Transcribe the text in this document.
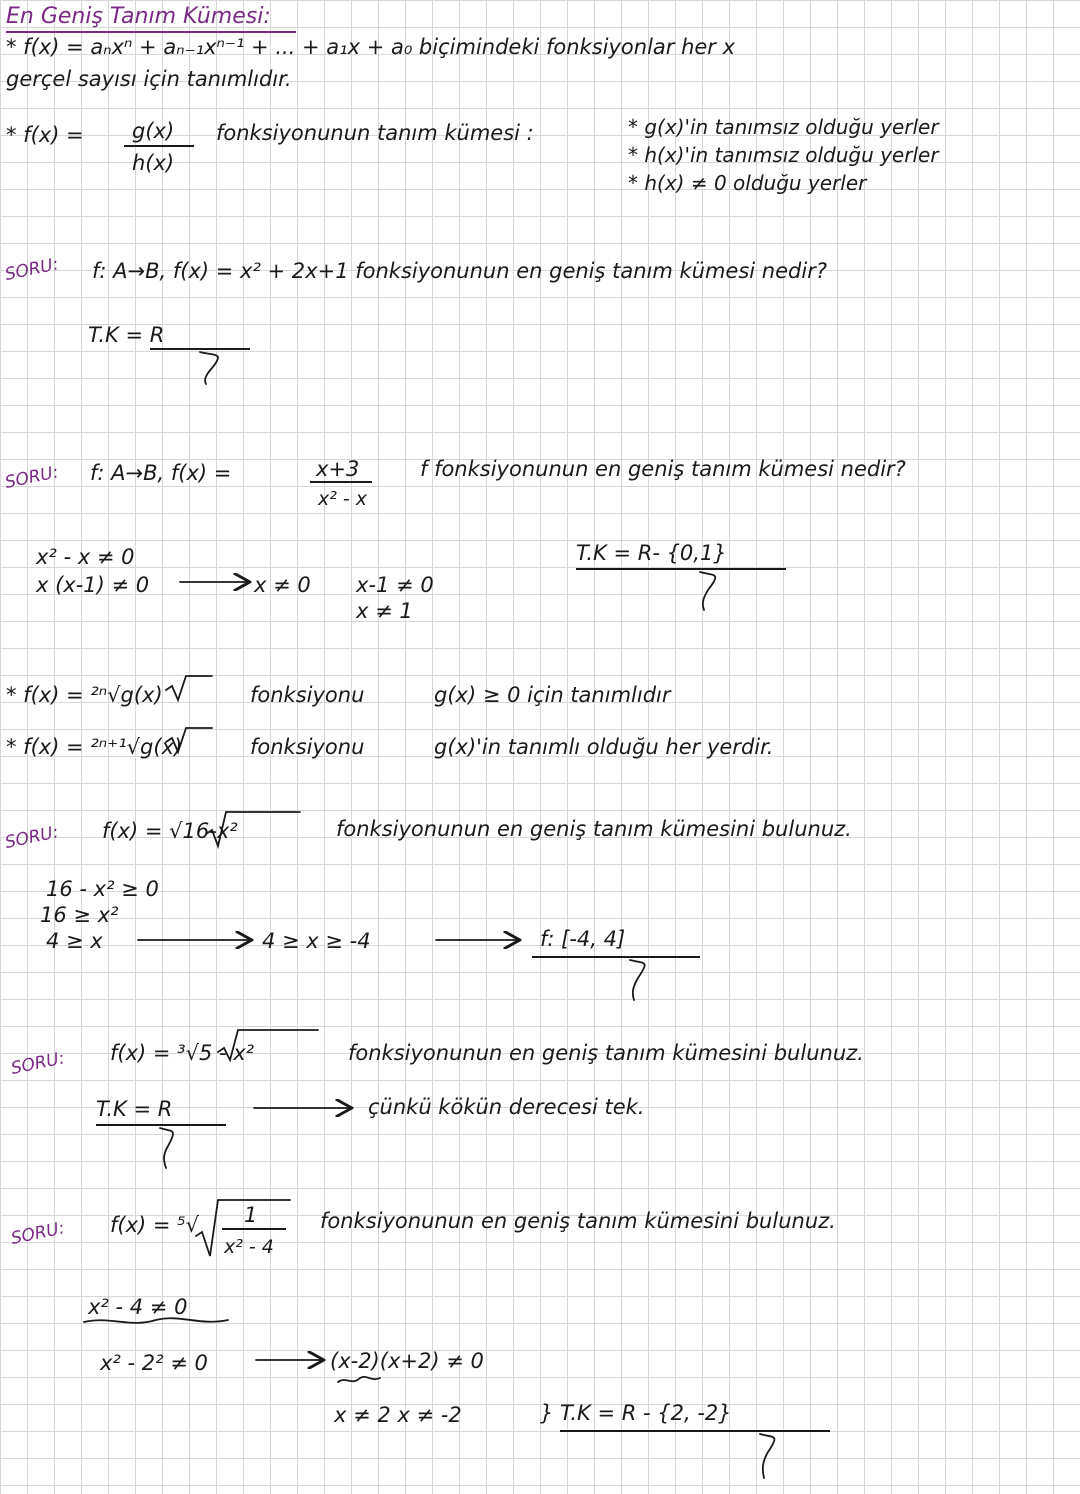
En Geniş Tanım Kümesi:
* f(x) = aₙxⁿ + aₙ₋₁xⁿ⁻¹ + ... + a₁x + a₀ biçimindeki fonksiyonlar her x
gerçel sayısı için tanımlıdır.
* f(x) = g(x)
h(x)
fonksiyonunun tanım kümesi :	* g(x)'in tanımsız olduğu yerler
* h(x)'in tanımsız olduğu yerler
* h(x) ≠ 0 olduğu yerler
SORU: f: A→B, f(x) = x² + 2x+1 fonksiyonunun en geniş tanım kümesi nedir?
T.K = R
SORU: f: A→B, f(x) =	x+3
x² - x
f fonksiyonunun en geniş tanım kümesi nedir?
x² - x ≠ 0
x (x-1) ≠ 0	x ≠ 0 x-1 ≠ 0
x ≠ 1
T.K = R- {0,1}
* f(x) = ²ⁿ√g(x)	fonksiyonu	g(x) ≥ 0 için tanımlıdır
* f(x) = ²ⁿ⁺¹√g(x)	fonksiyonu	g(x)'in tanımlı olduğu her yerdir.
SORU: f(x) = √16-x²	fonksiyonunun en geniş tanım kümesini bulunuz.
16 - x² ≥ 0
16 ≥ x²
4 ≥ x	4 ≥ x ≥ -4	f: [-4, 4]
SORU: f(x) = ³√5 - x²	fonksiyonunun en geniş tanım kümesini bulunuz.
T.K = R	çünkü kökün derecesi tek.
SORU: f(x) = ⁵√ 1
x² - 4
fonksiyonunun en geniş tanım kümesini bulunuz.
x² - 4 ≠ 0
x² - 2² ≠ 0	(x-2)(x+2) ≠ 0
x ≠ 2 x ≠ -2	} T.K = R - {2, -2}
